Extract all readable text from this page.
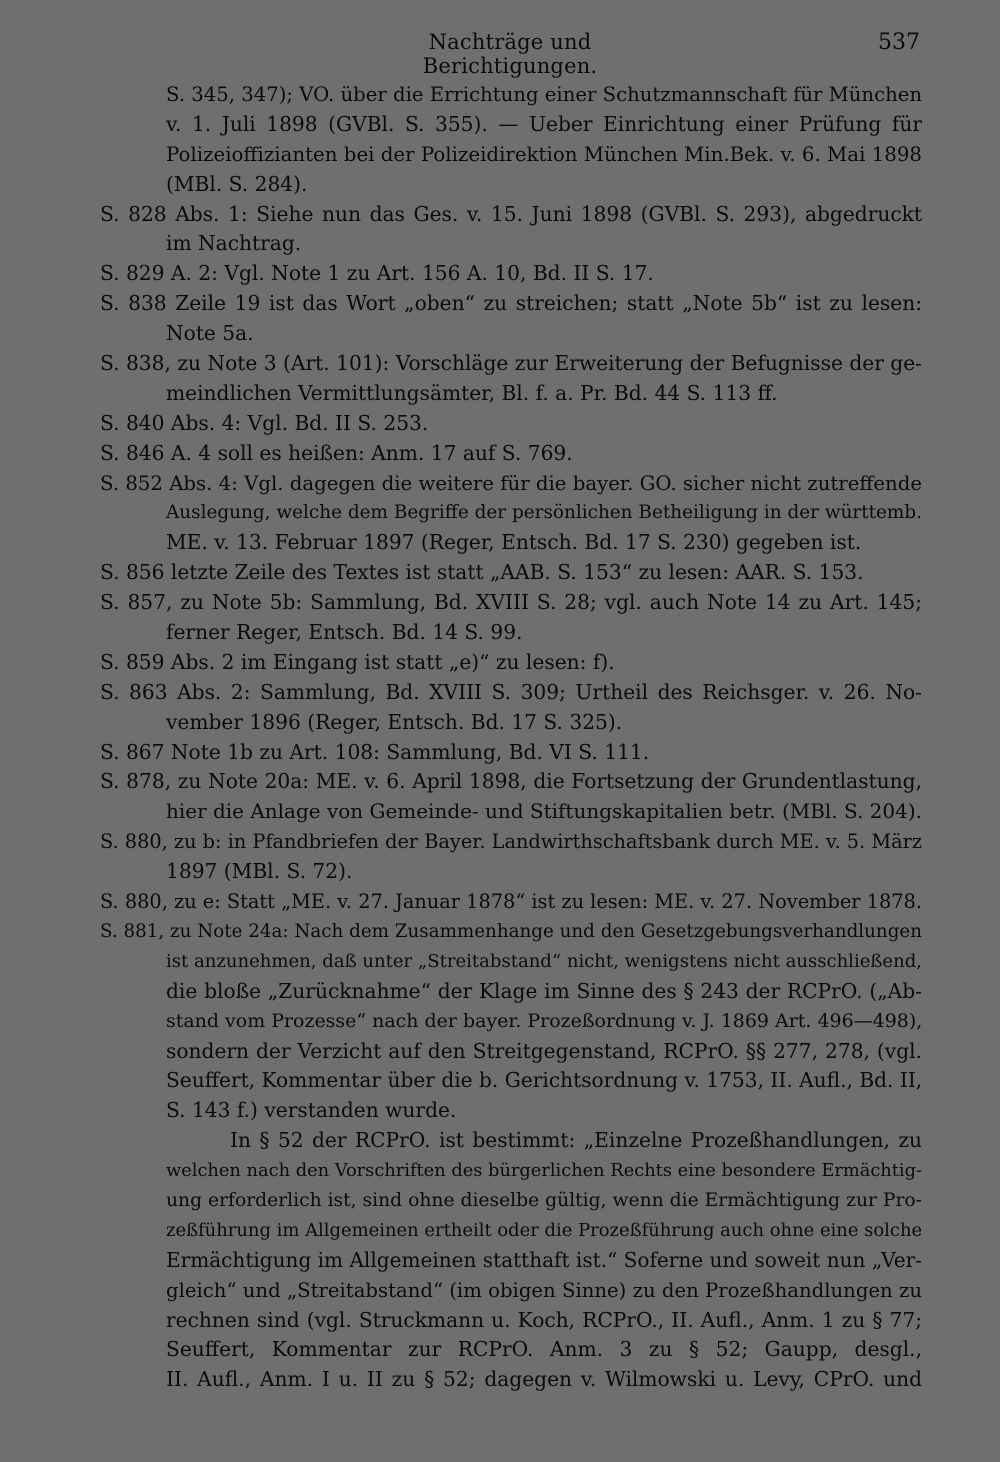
Nachträge und Berichtigungen.
537
S. 345, 347); VO. über die Errichtung einer Schutzmannschaft für München
v. 1. Juli 1898 (GVBl. S. 355). — Ueber Einrichtung einer Prüfung für
Polizeioffizianten bei der Polizeidirektion München Min.Bek. v. 6. Mai 1898
(MBl. S. 284).
S. 828 Abs. 1: Siehe nun das Ges. v. 15. Juni 1898 (GVBl. S. 293), abgedruckt
im Nachtrag.
S. 829 A. 2: Vgl. Note 1 zu Art. 156 A. 10, Bd. II S. 17.
S. 838 Zeile 19 ist das Wort „oben“ zu streichen; statt „Note 5b“ ist zu lesen:
Note 5a.
S. 838, zu Note 3 (Art. 101): Vorschläge zur Erweiterung der Befugnisse der ge-
meindlichen Vermittlungsämter, Bl. f. a. Pr. Bd. 44 S. 113 ff.
S. 840 Abs. 4: Vgl. Bd. II S. 253.
S. 846 A. 4 soll es heißen: Anm. 17 auf S. 769.
S. 852 Abs. 4: Vgl. dagegen die weitere für die bayer. GO. sicher nicht zutreffende
Auslegung, welche dem Begriffe der persönlichen Betheiligung in der württemb.
ME. v. 13. Februar 1897 (Reger, Entsch. Bd. 17 S. 230) gegeben ist.
S. 856 letzte Zeile des Textes ist statt „AAB. S. 153“ zu lesen: AAR. S. 153.
S. 857, zu Note 5b: Sammlung, Bd. XVIII S. 28; vgl. auch Note 14 zu Art. 145;
ferner Reger, Entsch. Bd. 14 S. 99.
S. 859 Abs. 2 im Eingang ist statt „e)“ zu lesen: f).
S. 863 Abs. 2: Sammlung, Bd. XVIII S. 309; Urtheil des Reichsger. v. 26. No-
vember 1896 (Reger, Entsch. Bd. 17 S. 325).
S. 867 Note 1b zu Art. 108: Sammlung, Bd. VI S. 111.
S. 878, zu Note 20a: ME. v. 6. April 1898, die Fortsetzung der Grundentlastung,
hier die Anlage von Gemeinde- und Stiftungskapitalien betr. (MBl. S. 204).
S. 880, zu b: in Pfandbriefen der Bayer. Landwirthschaftsbank durch ME. v. 5. März
1897 (MBl. S. 72).
S. 880, zu e: Statt „ME. v. 27. Januar 1878“ ist zu lesen: ME. v. 27. November 1878.
S. 881, zu Note 24a: Nach dem Zusammenhange und den Gesetzgebungsverhandlungen
ist anzunehmen, daß unter „Streitabstand“ nicht, wenigstens nicht ausschließend,
die bloße „Zurücknahme“ der Klage im Sinne des § 243 der RCPrO. („Ab-
stand vom Prozesse“ nach der bayer. Prozeßordnung v. J. 1869 Art. 496—498),
sondern der Verzicht auf den Streitgegenstand, RCPrO. §§ 277, 278, (vgl.
Seuffert, Kommentar über die b. Gerichtsordnung v. 1753, II. Aufl., Bd. II,
S. 143 f.) verstanden wurde.
In § 52 der RCPrO. ist bestimmt: „Einzelne Prozeßhandlungen, zu
welchen nach den Vorschriften des bürgerlichen Rechts eine besondere Ermächtig-
ung erforderlich ist, sind ohne dieselbe gültig, wenn die Ermächtigung zur Pro-
zeßführung im Allgemeinen ertheilt oder die Prozeßführung auch ohne eine solche
Ermächtigung im Allgemeinen statthaft ist.“ Soferne und soweit nun „Ver-
gleich“ und „Streitabstand“ (im obigen Sinne) zu den Prozeßhandlungen zu
rechnen sind (vgl. Struckmann u. Koch, RCPrO., II. Aufl., Anm. 1 zu § 77;
Seuffert, Kommentar zur RCPrO. Anm. 3 zu § 52; Gaupp, desgl.,
II. Aufl., Anm. I u. II zu § 52; dagegen v. Wilmowski u. Levy, CPrO. und
